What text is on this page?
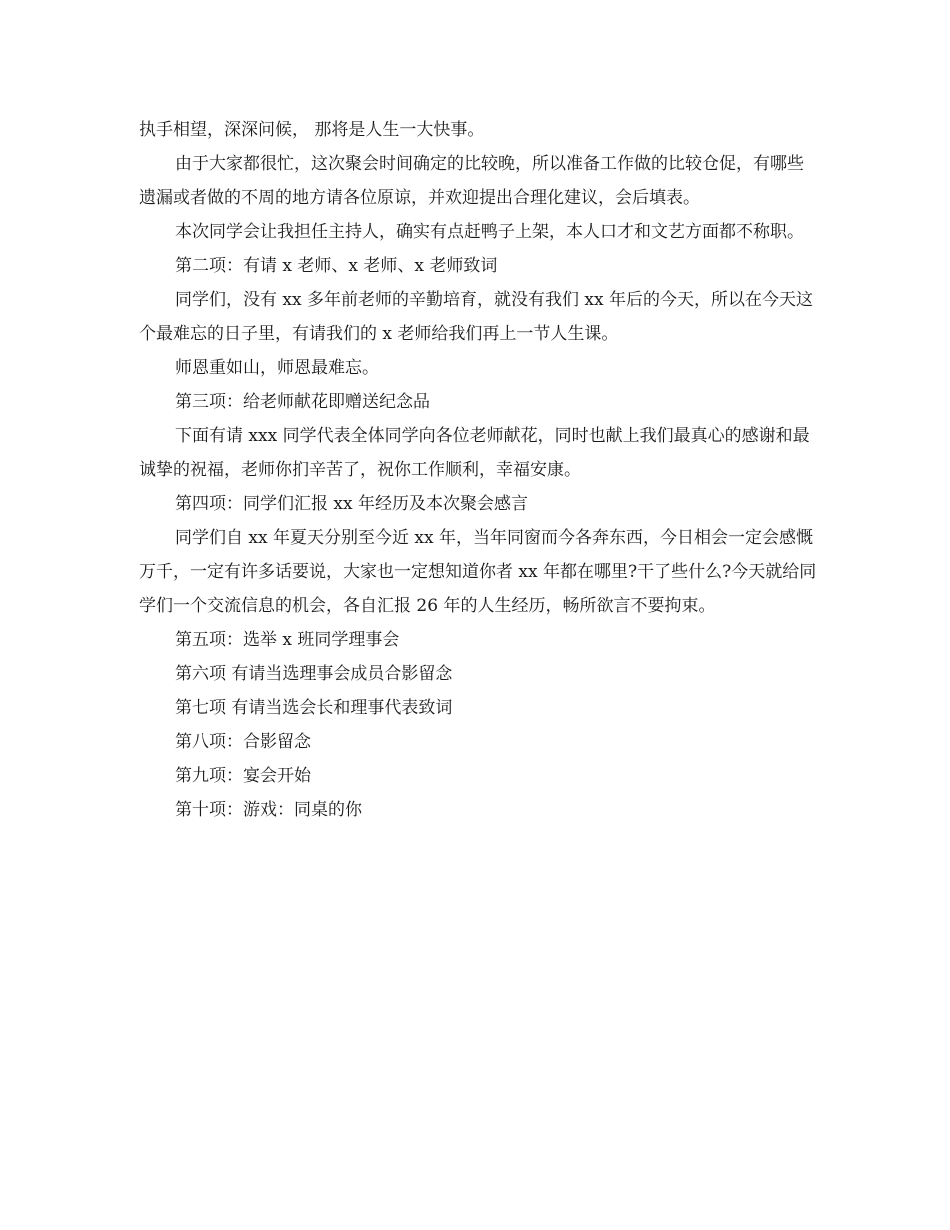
执手相望，深深问候， 那将是人生一大快事。

由于大家都很忙，这次聚会时间确定的比较晚，所以准备工作做的比较仓促，有哪些遗漏或者做的不周的地方请各位原谅，并欢迎提出合理化建议，会后填表。

本次同学会让我担任主持人，确实有点赶鸭子上架，本人口才和文艺方面都不称职。

第二项：有请 x 老师、x 老师、x 老师致词

同学们，没有 xx 多年前老师的辛勤培育，就没有我们 xx 年后的今天，所以在今天这个最难忘的日子里，有请我们的 x 老师给我们再上一节人生课。

师恩重如山，师恩最难忘。

第三项：给老师献花即赠送纪念品

下面有请 xxx 同学代表全体同学向各位老师献花，同时也献上我们最真心的感谢和最诚挚的祝福，老师你扪辛苦了，祝你工作顺利，幸福安康。

第四项：同学们汇报 xx 年经历及本次聚会感言

同学们自 xx 年夏天分别至今近 xx 年，当年同窗而今各奔东西，今日相会一定会感慨万千，一定有许多话要说，大家也一定想知道你者 xx 年都在哪里?干了些什么?今天就给同学们一个交流信息的机会，各自汇报 26 年的人生经历，畅所欲言不要拘束。

第五项：选举 x 班同学理事会

第六项 有请当选理事会成员合影留念

第七项 有请当选会长和理事代表致词

第八项：合影留念

第九项：宴会开始

第十项：游戏：同桌的你
